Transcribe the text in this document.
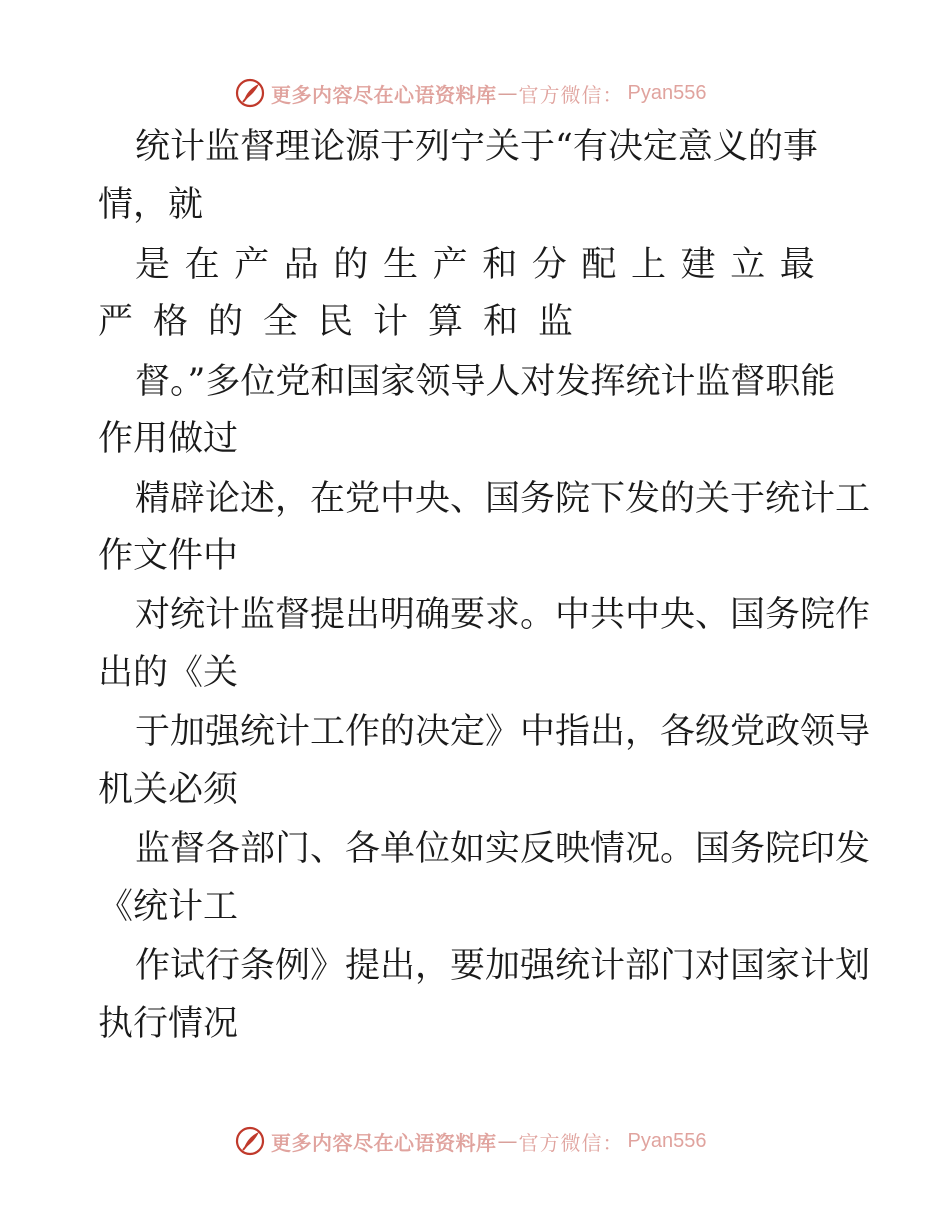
更多内容尽在心语资料库 — 官方微信： Pyan556
统计监督理论源于列宁关于“有决定意义的事
情，就
是在产品的生产和分配上建立最
严格的全民计算和监
督。”多位党和国家领导人对发挥统计监督职能
作用做过
精辟论述，在党中央、国务院下发的关于统计工
作文件中
对统计监督提出明确要求。中共中央、国务院作
出的《关
于加强统计工作的决定》中指出，各级党政领导
机关必须
监督各部门、各单位如实反映情况。国务院印发
《统计工
作试行条例》提出，要加强统计部门对国家计划
执行情况
更多内容尽在心语资料库 — 官方微信： Pyan556
